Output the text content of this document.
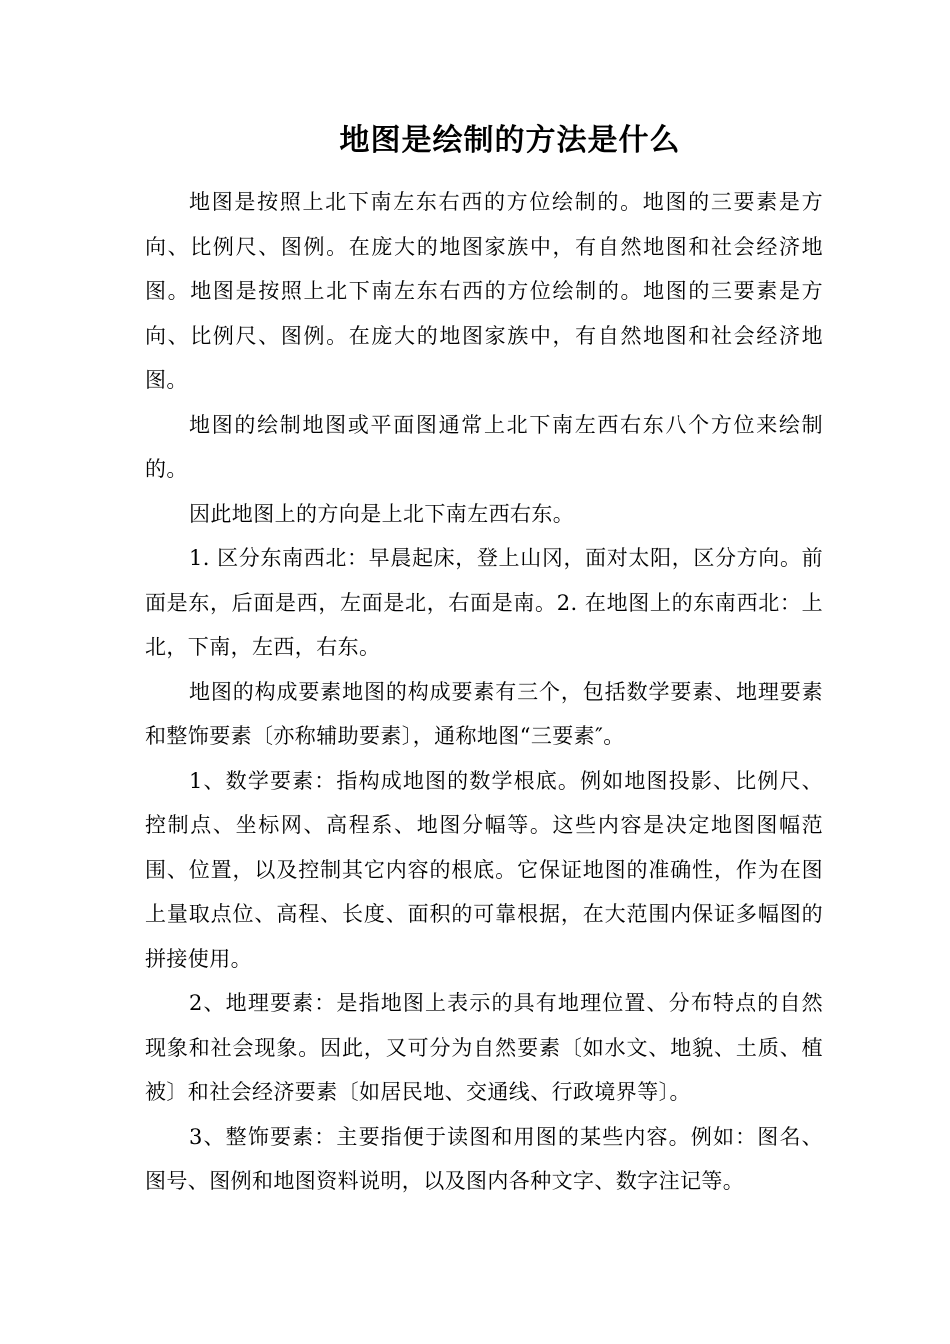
地图是绘制的方法是什么

地图是按照上北下南左东右西的方位绘制的。地图的三要素是方向、比例尺、图例。在庞大的地图家族中，有自然地图和社会经济地图。地图是按照上北下南左东右西的方位绘制的。地图的三要素是方向、比例尺、图例。在庞大的地图家族中，有自然地图和社会经济地图。

地图的绘制地图或平面图通常上北下南左西右东八个方位来绘制的。

因此地图上的方向是上北下南左西右东。

1. 区分东南西北：早晨起床，登上山冈，面对太阳，区分方向。前面是东，后面是西，左面是北，右面是南。2. 在地图上的东南西北：上北，下南，左西，右东。

地图的构成要素地图的构成要素有三个，包括数学要素、地理要素和整饰要素〔亦称辅助要素〕，通称地图“三要素″。

1、数学要素：指构成地图的数学根底。例如地图投影、比例尺、控制点、坐标网、高程系、地图分幅等。这些内容是决定地图图幅范围、位置，以及控制其它内容的根底。它保证地图的准确性，作为在图上量取点位、高程、长度、面积的可靠根据，在大范围内保证多幅图的拼接使用。

2、地理要素：是指地图上表示的具有地理位置、分布特点的自然现象和社会现象。因此，又可分为自然要素〔如水文、地貌、土质、植被〕和社会经济要素〔如居民地、交通线、行政境界等〕。

3、整饰要素：主要指便于读图和用图的某些内容。例如：图名、图号、图例和地图资料说明，以及图内各种文字、数字注记等。
